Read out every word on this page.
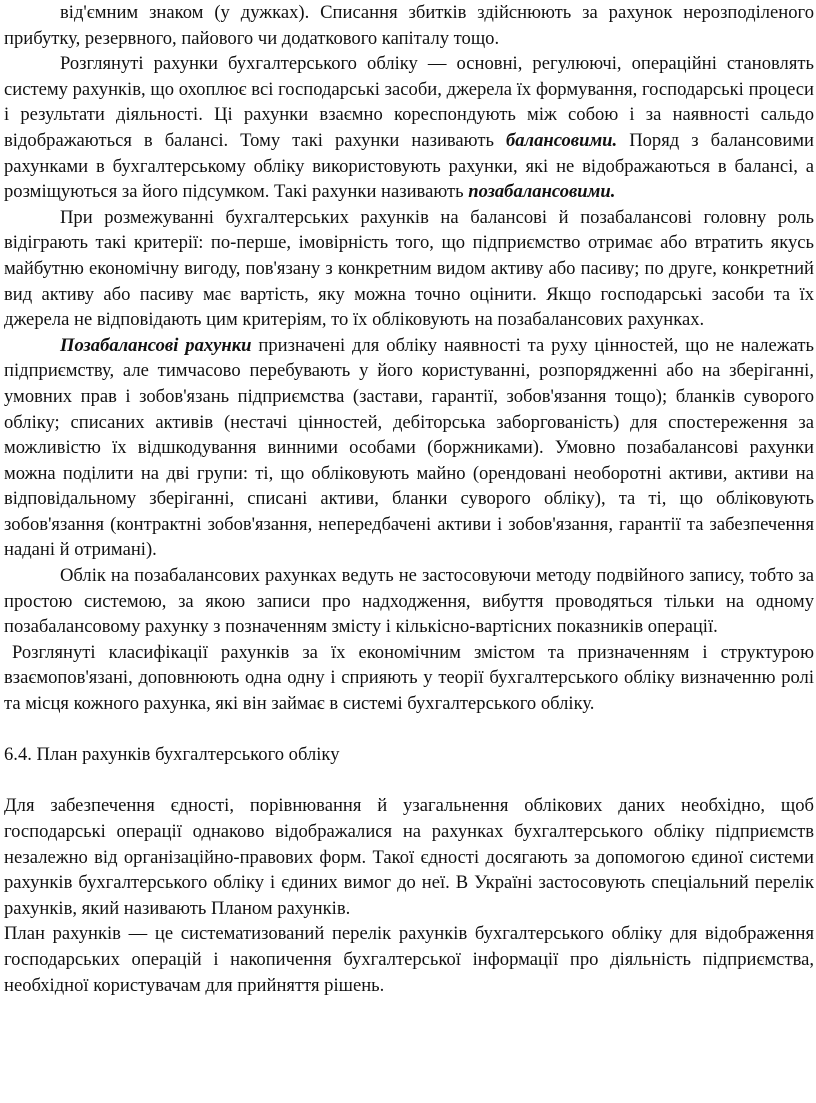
від'ємним знаком (у дужках). Списання збитків здійснюють за рахунок нерозподіленого прибутку, резервного, пайового чи додаткового капіталу тощо.

Розглянуті рахунки бухгалтерського обліку — основні, регулюючі, операційні становлять систему рахунків, що охоплює всі господарські засоби, джерела їх формування, господарські процеси і результати діяльності. Ці рахунки взаємно кореспондують між собою і за наявності сальдо відображаються в балансі. Тому такі рахунки називають балансовими. Поряд з балансовими рахунками в бухгалтерському обліку використовують рахунки, які не відображаються в балансі, а розміщуються за його підсумком. Такі рахунки називають позабалансовими.

При розмежуванні бухгалтерських рахунків на балансові й позабалансові головну роль відіграють такі критерії: по-перше, імовірність того, що підприємство отримає або втратить якусь майбутню економічну вигоду, пов'язану з конкретним видом активу або пасиву; по друге, конкретний вид активу або пасиву має вартість, яку можна точно оцінити. Якщо господарські засоби та їх джерела не відповідають цим критеріям, то їх обліковують на позабалансових рахунках.

Позабалансові рахунки призначені для обліку наявності та руху цінностей, що не належать підприємству, але тимчасово перебувають у його користуванні, розпорядженні або на зберіганні, умовних прав і зобов'язань підприємства (застави, гарантії, зобов'язання тощо); бланків суворого обліку; списаних активів (нестачі цінностей, дебіторська заборгованість) для спостереження за можливістю їх відшкодування винними особами (боржниками). Умовно позабалансові рахунки можна поділити на дві групи: ті, що обліковують майно (орендовані необоротні активи, активи на відповідальному зберіганні, списані активи, бланки суворого обліку), та ті, що обліковують зобов'язання (контрактні зобов'язання, непередбачені активи і зобов'язання, гарантії та забезпечення надані й отримані).

Облік на позабалансових рахунках ведуть не застосовуючи методу подвійного запису, тобто за простою системою, за якою записи про надходження, вибуття проводяться тільки на одному позабалансовому рахунку з позначенням змісту і кількісно-вартісних показників операції.

Розглянуті класифікації рахунків за їх економічним змістом та призначенням і структурою взаємопов'язані, доповнюють одна одну і сприяють у теорії бухгалтерського обліку визначенню ролі та місця кожного рахунка, які він займає в системі бухгалтерського обліку.

6.4. План рахунків бухгалтерського обліку

Для забезпечення єдності, порівнювання й узагальнення облікових даних необхідно, щоб господарські операції однаково відображалися на рахунках бухгалтерського обліку підприємств незалежно від організаційно-правових форм. Такої єдності досягають за допомогою єдиної системи рахунків бухгалтерського обліку і єдиних вимог до неї. В Україні застосовують спеціальний перелік рахунків, який називають Планом рахунків.

План рахунків — це систематизований перелік рахунків бухгалтерського обліку для відображення господарських операцій і накопичення бухгалтерської інформації про діяльність підприємства, необхідної користувачам для прийняття рішень.
